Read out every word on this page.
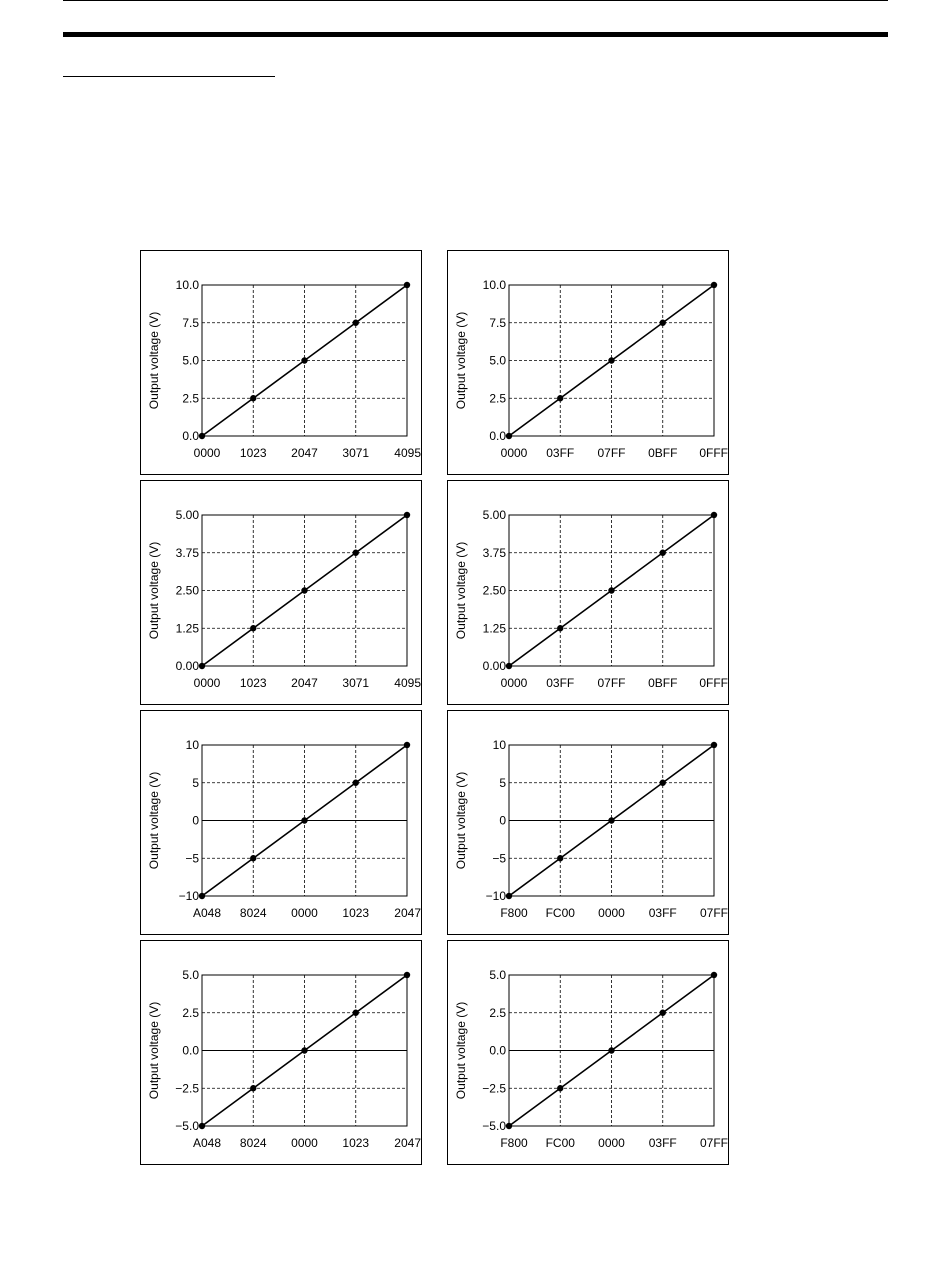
0.0
2.5
5.0
7.5
10.0
0000 1023 2047 3071 4095
Output voltage (V)
0.0
2.5
5.0
7.5
10.0
0000 03FF 07FF 0BFF 0FFF
Output voltage (V)
0.00
1.25
2.50
3.75
5.00
0000 1023 2047 3071 4095
Output voltage (V)
0.00
1.25
2.50
3.75
5.00
0000 03FF 07FF 0BFF 0FFF
Output voltage (V)
−10
−5
0
5
10
A048 8024 0000 1023 2047
Output voltage (V)
−10
−5
0
5
10
F800 FC00 0000 03FF 07FF
Output voltage (V)
−5.0
−2.5
0.0
2.5
5.0
A048 8024 0000 1023 2047
Output voltage (V)
−5.0
−2.5
0.0
2.5
5.0
F800 FC00 0000 03FF 07FF
Output voltage (V)
